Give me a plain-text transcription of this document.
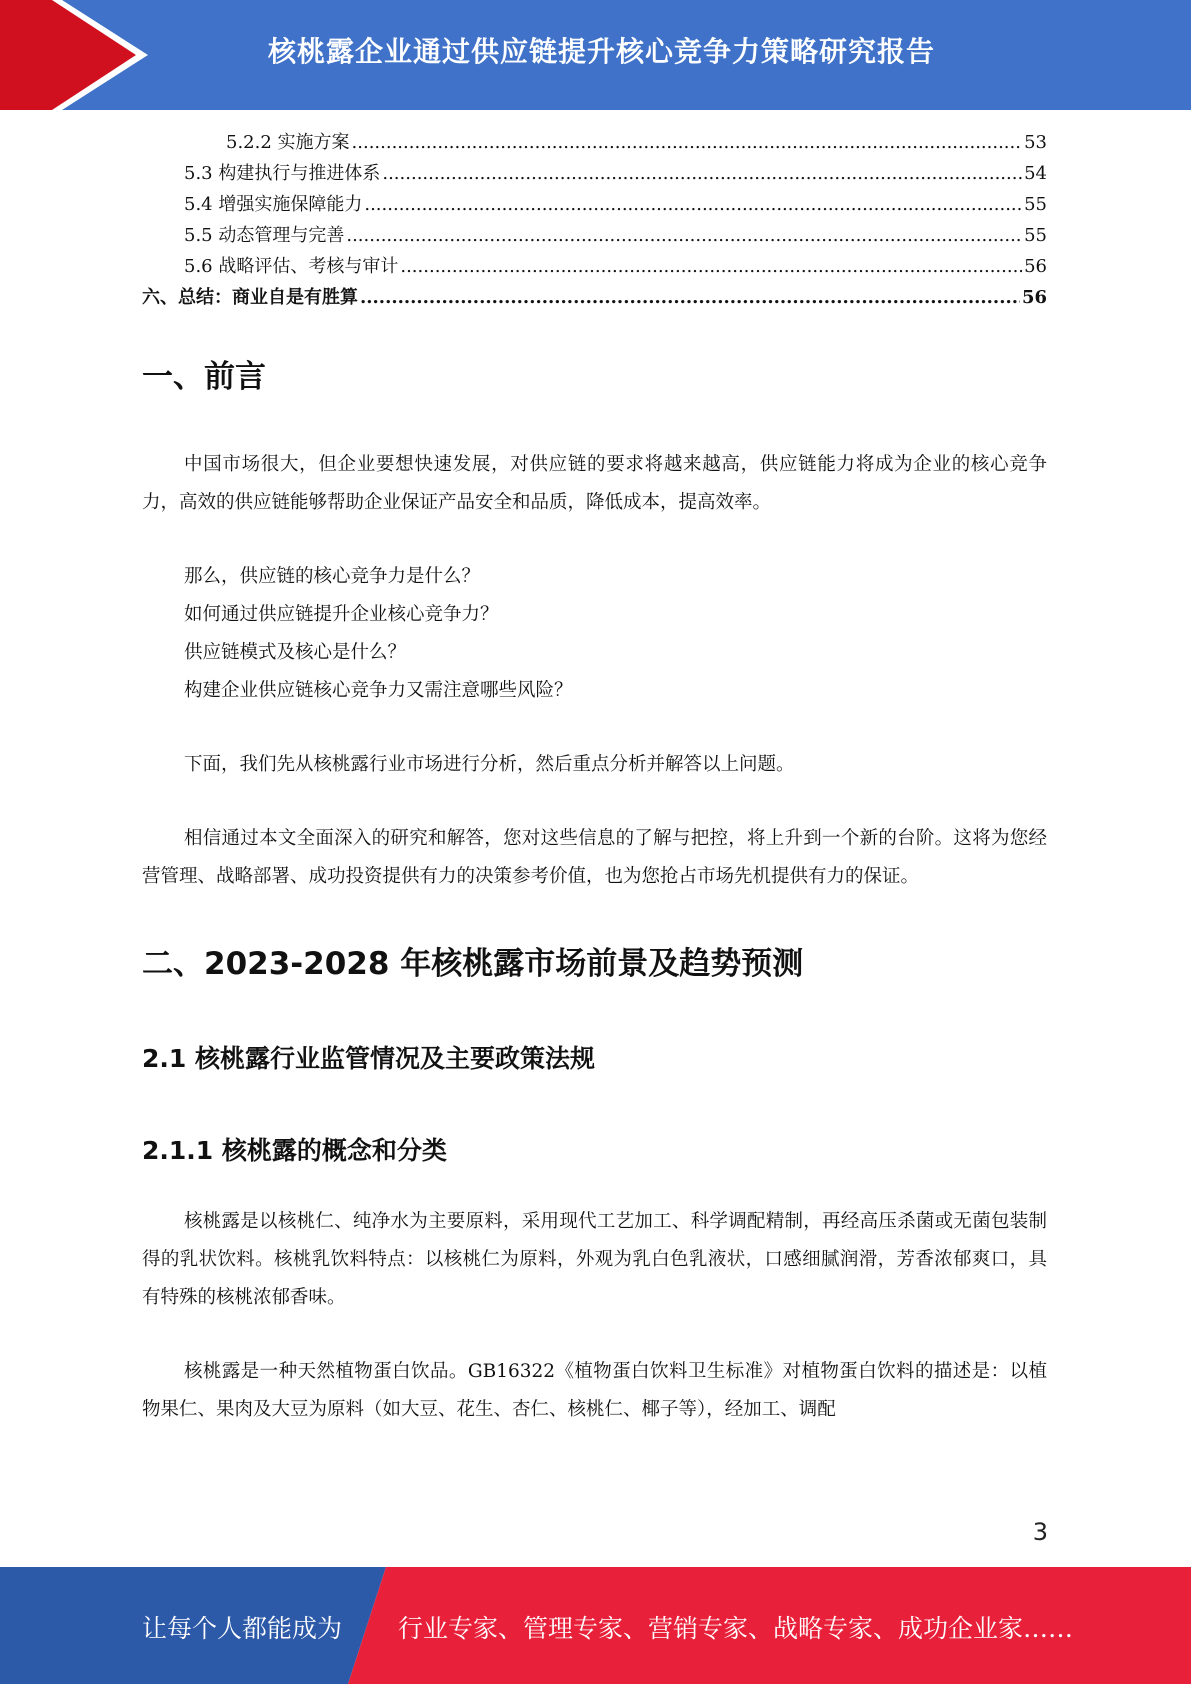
核桃露企业通过供应链提升核心竞争力策略研究报告
5.2.2 实施方案 .....	53
5.3 构建执行与推进体系 .....	54
5.4 增强实施保障能力 .....	55
5.5 动态管理与完善 .....	55
5.6 战略评估、考核与审计 .....	56
六、总结：商业自是有胜算 .....	56
一、前言

中国市场很大，但企业要想快速发展，对供应链的要求将越来越高，供应链能力将成为企业的核心竞争力，高效的供应链能够帮助企业保证产品安全和品质，降低成本，提高效率。

那么，供应链的核心竞争力是什么？

如何通过供应链提升企业核心竞争力？

供应链模式及核心是什么？

构建企业供应链核心竞争力又需注意哪些风险？

下面，我们先从核桃露行业市场进行分析，然后重点分析并解答以上问题。

相信通过本文全面深入的研究和解答，您对这些信息的了解与把控，将上升到一个新的台阶。这将为您经营管理、战略部署、成功投资提供有力的决策参考价值，也为您抢占市场先机提供有力的保证。

二、2023-2028 年核桃露市场前景及趋势预测
2.1 核桃露行业监管情况及主要政策法规
2.1.1 核桃露的概念和分类

核桃露是以核桃仁、纯净水为主要原料，采用现代工艺加工、科学调配精制，再经高压杀菌或无菌包装制得的乳状饮料。核桃乳饮料特点：以核桃仁为原料，外观为乳白色乳液状，口感细腻润滑，芳香浓郁爽口，具有特殊的核桃浓郁香味。

核桃露是一种天然植物蛋白饮品。GB16322《植物蛋白饮料卫生标准》对植物蛋白饮料的描述是：以植物果仁、果肉及大豆为原料（如大豆、花生、杏仁、核桃仁、椰子等），经加工、调配

3
让每个人都能成为 行业专家、管理专家、营销专家、战略专家、成功企业家……
